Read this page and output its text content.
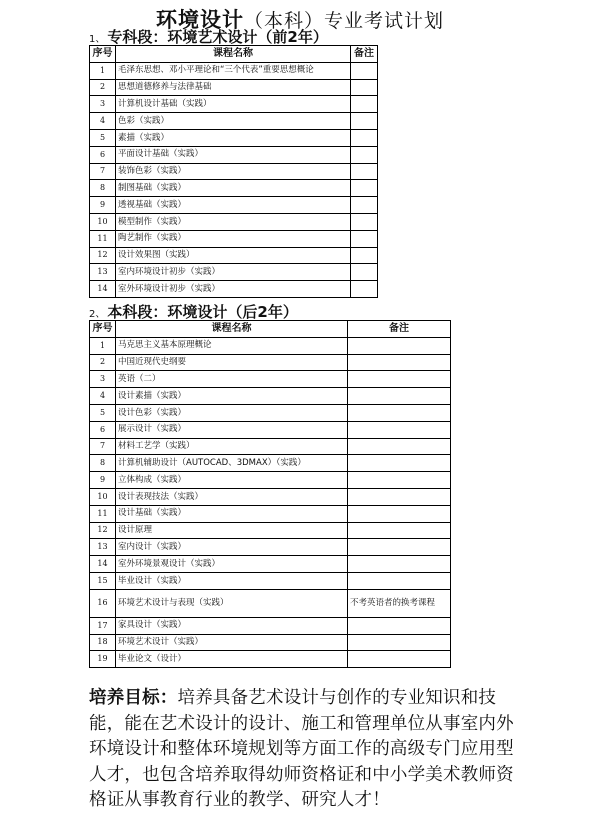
环境设计（本科）专业考试计划
1、 专科段：环境艺术设计（前2年）
序号	课程名称	备注
1	毛泽东思想、邓小平理论和“三个代表”重要思想概论	
2	思想道德修养与法律基础	
3	计算机设计基础（实践）	
4	色彩（实践）	
5	素描（实践）	
6	平面设计基础（实践）	
7	装饰色彩（实践）	
8	制图基础（实践）	
9	透视基础（实践）	
10	模型制作（实践）	
11	陶艺制作（实践）	
12	设计效果图（实践）	
13	室内环境设计初步（实践）	
14	室外环境设计初步（实践）	
2、 本科段：环境设计（后2年）
序号	课程名称	备注
1	马克思主义基本原理概论	
2	中国近现代史纲要	
3	英语（二）	
4	设计素描（实践）	
5	设计色彩（实践）	
6	展示设计（实践）	
7	材料工艺学（实践）	
8	计算机辅助设计（AUTOCAD、3DMAX）（实践）	
9	立体构成（实践）	
10	设计表现技法（实践）	
11	设计基础（实践）	
12	设计原理	
13	室内设计（实践）	
14	室外环境景观设计（实践）	
15	毕业设计（实践）	
16	环境艺术设计与表现（实践）	不考英语者的换考课程
17	家具设计（实践）	
18	环境艺术设计（实践）	
19	毕业论文（设计）	
培养目标：培养具备艺术设计与创作的专业知识和技能，能在艺术设计的设计、施工和管理单位从事室内外环境设计和整体环境规划等方面工作的高级专门应用型人才，也包含培养取得幼师资格证和中小学美术教师资格证从事教育行业的教学、研究人才！
